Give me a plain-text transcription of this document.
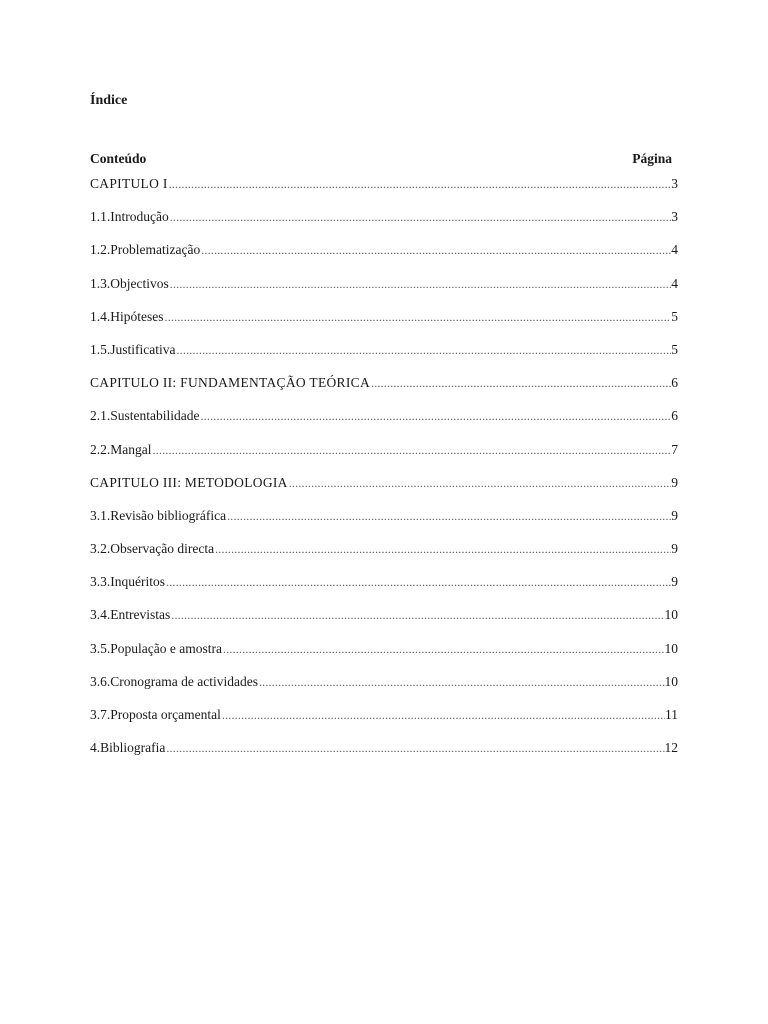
Índice
Conteúdo	Página
CAPITULO I .....	3
1.1.Introdução .....	3
1.2.Problematização .....	4
1.3.Objectivos .....	4
1.4.Hipóteses .....	5
1.5.Justificativa .....	5
CAPITULO II: FUNDAMENTAÇÃO TEÓRICA .....	6
2.1.Sustentabilidade .....	6
2.2.Mangal .....	7
CAPITULO III: METODOLOGIA .....	9
3.1.Revisão bibliográfica .....	9
3.2.Observação directa .....	9
3.3.Inquéritos .....	9
3.4.Entrevistas .....	10
3.5.População e amostra .....	10
3.6.Cronograma de actividades .....	10
3.7.Proposta orçamental .....	11
4.Bibliografia .....	12
